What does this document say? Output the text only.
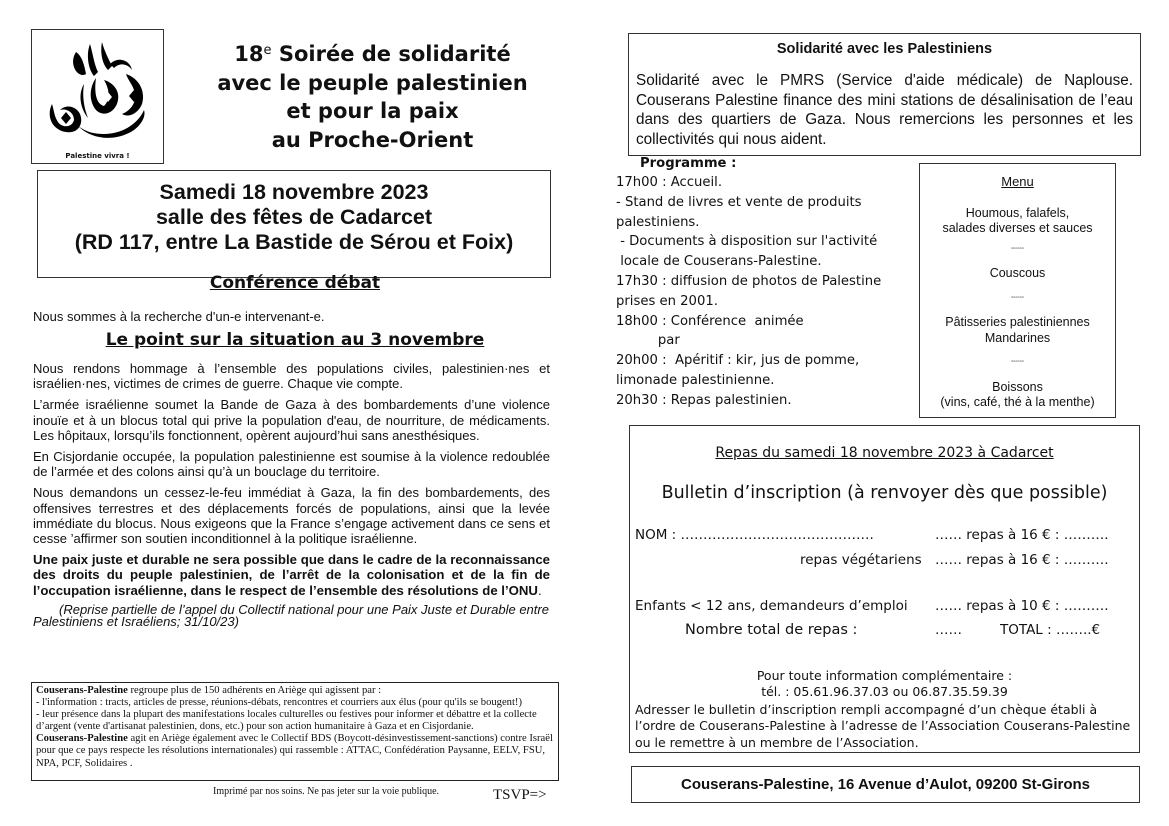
Palestine vivra !
18e Soirée de solidarité
avec le peuple palestinien
et pour la paix
au Proche-Orient
Samedi 18 novembre 2023
salle des fêtes de Cadarcet
(RD 117, entre La Bastide de Sérou et Foix)
Conférence débat
Nous sommes à la recherche d'un-e intervenant-e.
Le point sur la situation au 3 novembre

Nous rendons hommage à l’ensemble des populations civiles, palestinien·nes et israélien·nes, victimes de crimes de guerre. Chaque vie compte.

L’armée israélienne soumet la Bande de Gaza à des bombardements d’une violence inouïe et à un blocus total qui prive la population d'eau, de nourriture, de médicaments. Les hôpitaux, lorsqu’ils fonctionnent, opèrent aujourd’hui sans anesthésiques.

En Cisjordanie occupée, la population palestinienne est soumise à la violence redoublée de l’armée et des colons ainsi qu’à un bouclage du territoire.

Nous demandons un cessez-le-feu immédiat à Gaza, la fin des bombardements, des offensives terrestres et des déplacements forcés de populations, ainsi que la levée immédiate du blocus. Nous exigeons que la France s’engage activement dans ce sens et cesse ’affirmer son soutien inconditionnel à la politique israélienne.

Une paix juste et durable ne sera possible que dans le cadre de la reconnaissance des droits du peuple palestinien, de l’arrêt de la colonisation et de la fin de l’occupation israélienne, dans le respect de l’ensemble des résolutions de l’ONU.

(Reprise partielle de l’appel du Collectif national pour une Paix Juste et Durable entre Palestiniens et Israéliens; 31/10/23)

Couserans-Palestine regroupe plus de 150 adhérents en Ariège qui agissent par :

- l'information : tracts, articles de presse, réunions-débats, rencontres et courriers aux élus (pour qu'ils se bougent!)

- leur présence dans la plupart des manifestations locales culturelles ou festives pour informer et débattre et la collecte d’argent (vente d'artisanat palestinien, dons, etc.) pour son action humanitaire à Gaza et en Cisjordanie.

Couserans-Palestine agit en Ariège également avec le Collectif BDS (Boycott-désinvestissement-sanctions) contre Israël pour que ce pays respecte les résolutions internationales) qui rassemble : ATTAC, Confédération Paysanne, EELV, FSU, NPA, PCF, Solidaires .

Imprimé par nos soins. Ne pas jeter sur la voie publique.	TSVP=>
Solidarité avec les Palestiniens
Solidarité avec le PMRS (Service d'aide médicale) de Naplouse. Couserans Palestine finance des mini stations de désalinisation de l’eau dans des quartiers de Gaza. Nous remercions les personnes et les collectivités qui nous aident.
Programme :
17h00 : Accueil.
- Stand de livres et vente de produits
palestiniens.
- Documents à disposition sur l'activité
locale de Couserans-Palestine.
17h30 : diffusion de photos de Palestine
prises en 2001.
18h00 : Conférence  animée
par
20h00 :  Apéritif : kir, jus de pomme,
limonade palestinienne.
20h30 : Repas palestinien.
Menu
Houmous, falafels,
salades diverses et sauces
▫▫▫▫▫▫
Couscous
▫▫▫▫▫▫
Pâtisseries palestiniennes
Mandarines
▫▫▫▫▫▫
Boissons
(vins, café, thé à la menthe)
Repas du samedi 18 novembre 2023 à Cadarcet
Bulletin d’inscription (à renvoyer dès que possible)
NOM : …………………………………….	…… repas à 16 € : ……….
repas végétariens …… repas à 16 € : ……….
Enfants < 12 ans, demandeurs d’emploi …… repas à 10 € : ……….
Nombre total de repas :	……	TOTAL : ……..€
Pour toute information complémentaire :
tél. : 05.61.96.37.03 ou 06.87.35.59.39
Adresser le bulletin d’inscription rempli accompagné d’un chèque établi à l’ordre de Couserans-Palestine à l’adresse de l’Association Couserans-Palestine ou le remettre à un membre de l’Association.
Couserans-Palestine, 16 Avenue d’Aulot, 09200 St-Girons
